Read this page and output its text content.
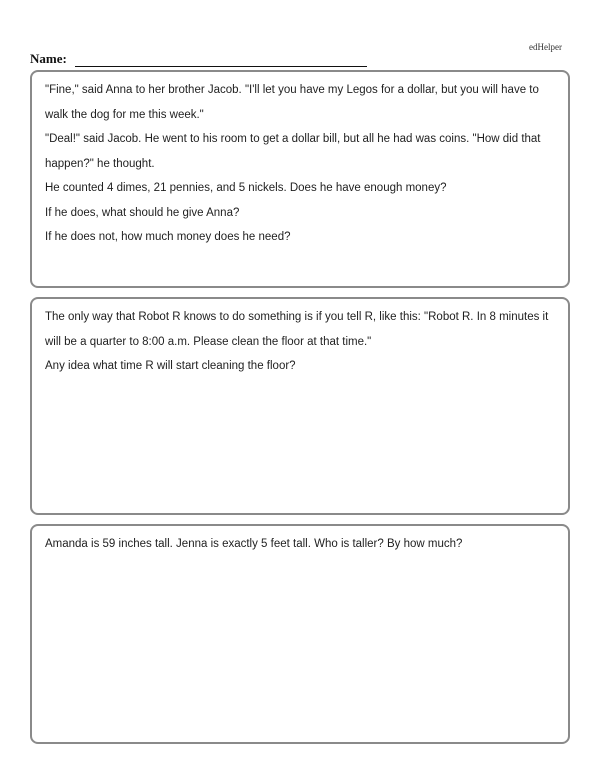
edHelper
Name:

"Fine," said Anna to her brother Jacob. "I'll let you have my Legos for a dollar, but you will have to walk the dog for me this week."

"Deal!" said Jacob. He went to his room to get a dollar bill, but all he had was coins. "How did that happen?" he thought.

He counted 4 dimes, 21 pennies, and 5 nickels. Does he have enough money?

If he does, what should he give Anna?

If he does not, how much money does he need?

The only way that Robot R knows to do something is if you tell R, like this: "Robot R. In 8 minutes it will be a quarter to 8:00 a.m. Please clean the floor at that time."

Any idea what time R will start cleaning the floor?

Amanda is 59 inches tall. Jenna is exactly 5 feet tall. Who is taller? By how much?
